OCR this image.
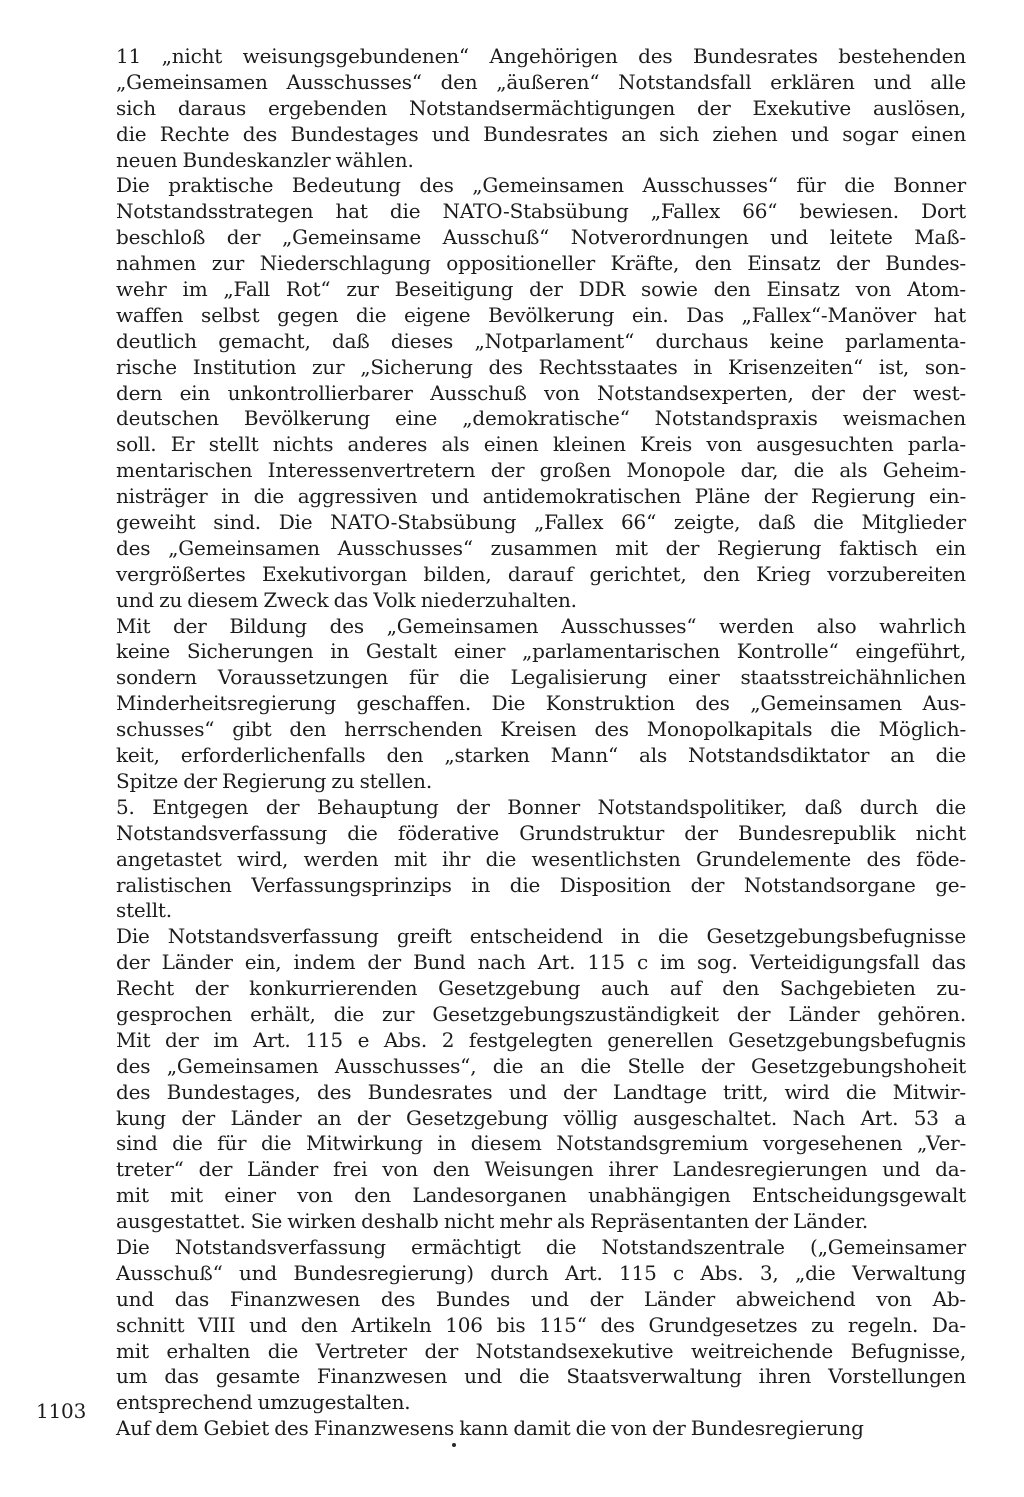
11 „nicht weisungsgebundenen“ Angehörigen des Bundesrates bestehenden
„Gemeinsamen Ausschusses“ den „äußeren“ Notstandsfall erklären und alle
sich daraus ergebenden Notstandsermächtigungen der Exekutive auslösen,
die Rechte des Bundestages und Bundesrates an sich ziehen und sogar einen
neuen Bundeskanzler wählen.
Die praktische Bedeutung des „Gemeinsamen Ausschusses“ für die Bonner
Notstandsstrategen hat die NATO-Stabsübung „Fallex 66“ bewiesen. Dort
beschloß der „Gemeinsame Ausschuß“ Notverordnungen und leitete Maß-
nahmen zur Niederschlagung oppositioneller Kräfte, den Einsatz der Bundes-
wehr im „Fall Rot“ zur Beseitigung der DDR sowie den Einsatz von Atom-
waffen selbst gegen die eigene Bevölkerung ein. Das „Fallex“-Manöver hat
deutlich gemacht, daß dieses „Notparlament“ durchaus keine parlamenta-
rische Institution zur „Sicherung des Rechtsstaates in Krisenzeiten“ ist, son-
dern ein unkontrollierbarer Ausschuß von Notstandsexperten, der der west-
deutschen Bevölkerung eine „demokratische“ Notstandspraxis weismachen
soll. Er stellt nichts anderes als einen kleinen Kreis von ausgesuchten parla-
mentarischen Interessenvertretern der großen Monopole dar, die als Geheim-
nisträger in die aggressiven und antidemokratischen Pläne der Regierung ein-
geweiht sind. Die NATO-Stabsübung „Fallex 66“ zeigte, daß die Mitglieder
des „Gemeinsamen Ausschusses“ zusammen mit der Regierung faktisch ein
vergrößertes Exekutivorgan bilden, darauf gerichtet, den Krieg vorzubereiten
und zu diesem Zweck das Volk niederzuhalten.
Mit der Bildung des „Gemeinsamen Ausschusses“ werden also wahrlich
keine Sicherungen in Gestalt einer „parlamentarischen Kontrolle“ eingeführt,
sondern Voraussetzungen für die Legalisierung einer staatsstreichähnlichen
Minderheitsregierung geschaffen. Die Konstruktion des „Gemeinsamen Aus-
schusses“ gibt den herrschenden Kreisen des Monopolkapitals die Möglich-
keit, erforderlichenfalls den „starken Mann“ als Notstandsdiktator an die
Spitze der Regierung zu stellen.
5. Entgegen der Behauptung der Bonner Notstandspolitiker, daß durch die
Notstandsverfassung die föderative Grundstruktur der Bundesrepublik nicht
angetastet wird, werden mit ihr die wesentlichsten Grundelemente des föde-
ralistischen Verfassungsprinzips in die Disposition der Notstandsorgane ge-
stellt.
Die Notstandsverfassung greift entscheidend in die Gesetzgebungsbefugnisse
der Länder ein, indem der Bund nach Art. 115 c im sog. Verteidigungsfall das
Recht der konkurrierenden Gesetzgebung auch auf den Sachgebieten zu-
gesprochen erhält, die zur Gesetzgebungszuständigkeit der Länder gehören.
Mit der im Art. 115 e Abs. 2 festgelegten generellen Gesetzgebungsbefugnis
des „Gemeinsamen Ausschusses“, die an die Stelle der Gesetzgebungshoheit
des Bundestages, des Bundesrates und der Landtage tritt, wird die Mitwir-
kung der Länder an der Gesetzgebung völlig ausgeschaltet. Nach Art. 53 a
sind die für die Mitwirkung in diesem Notstandsgremium vorgesehenen „Ver-
treter“ der Länder frei von den Weisungen ihrer Landesregierungen und da-
mit mit einer von den Landesorganen unabhängigen Entscheidungsgewalt
ausgestattet. Sie wirken deshalb nicht mehr als Repräsentanten der Länder.
Die Notstandsverfassung ermächtigt die Notstandszentrale („Gemeinsamer
Ausschuß“ und Bundesregierung) durch Art. 115 c Abs. 3, „die Verwaltung
und das Finanzwesen des Bundes und der Länder abweichend von Ab-
schnitt VIII und den Artikeln 106 bis 115“ des Grundgesetzes zu regeln. Da-
mit erhalten die Vertreter der Notstandsexekutive weitreichende Befugnisse,
um das gesamte Finanzwesen und die Staatsverwaltung ihren Vorstellungen
entsprechend umzugestalten.
Auf dem Gebiet des Finanzwesens kann damit die von der Bundesregierung
1103
